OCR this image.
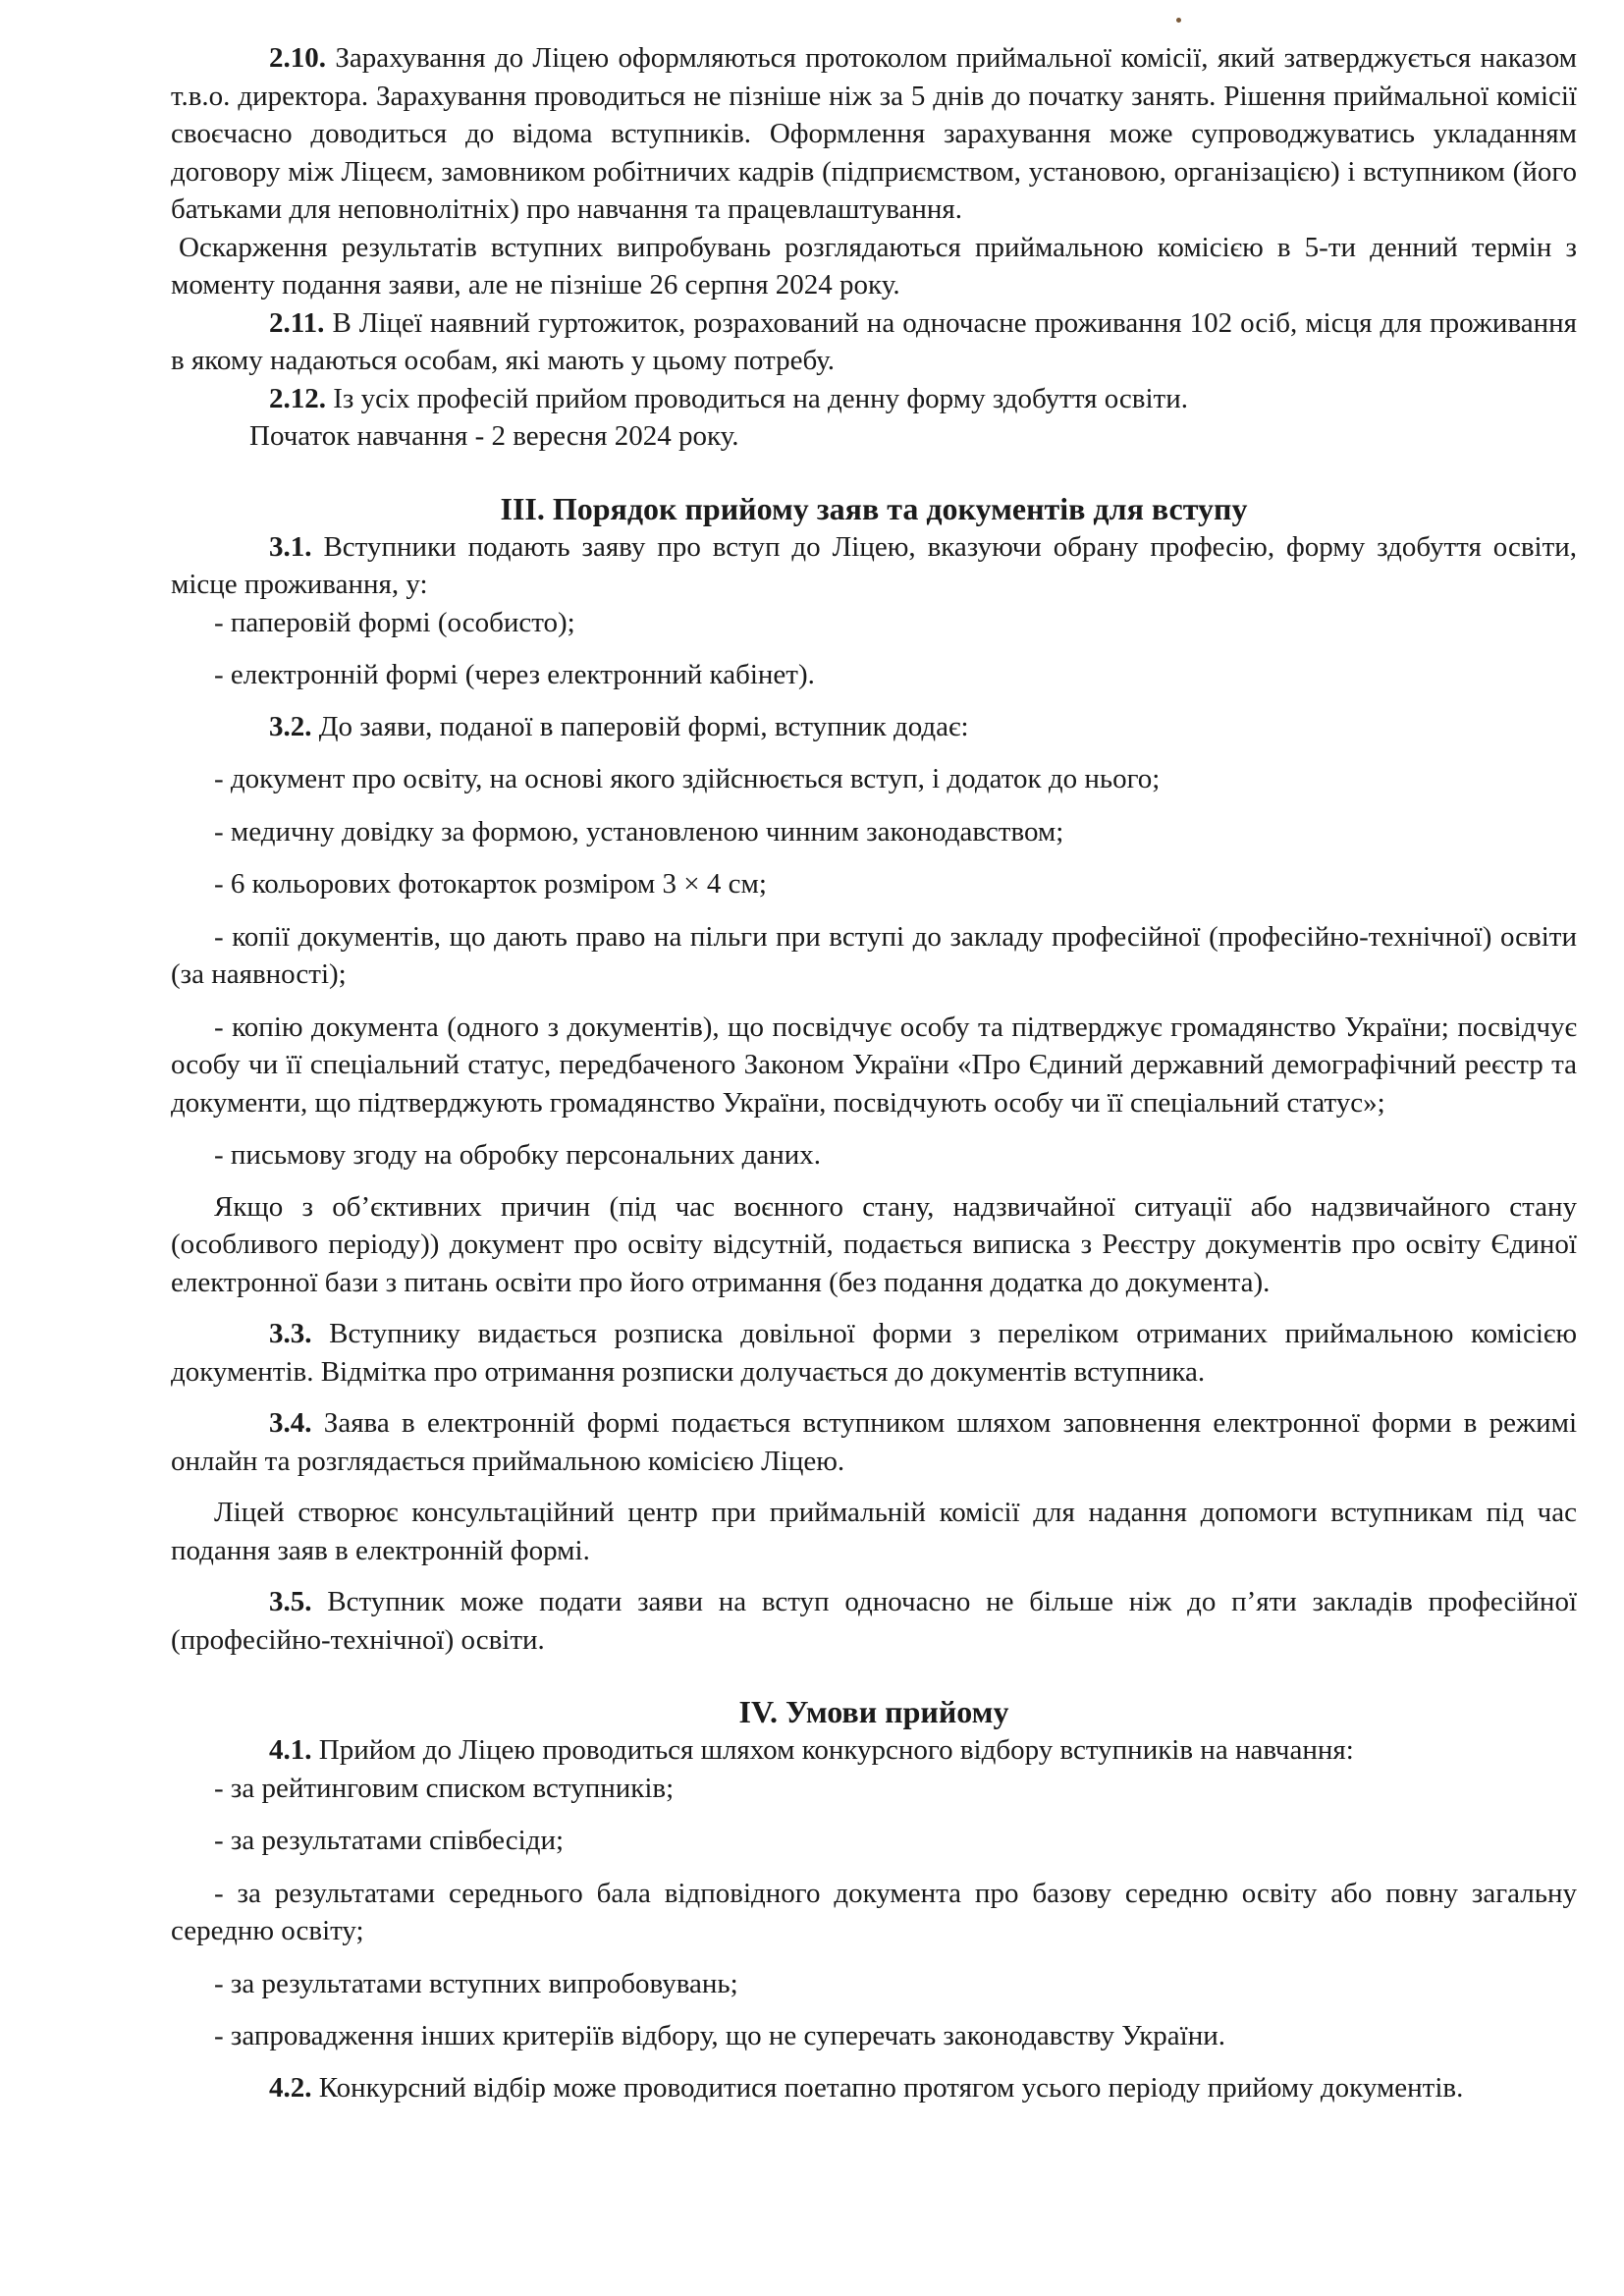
2.10. Зарахування до Ліцею оформляються протоколом приймальної комісії, який затверджується наказом т.в.о. директора. Зарахування проводиться не пізніше ніж за 5 днів до початку занять. Рішення приймальної комісії своєчасно доводиться до відома вступників. Оформлення зарахування може супроводжуватись укладанням договору між Ліцеєм, замовником робітничих кадрів (підприємством, установою, організацією) і вступником (його батьками для неповнолітніх) про навчання та працевлаштування.

Оскарження результатів вступних випробувань розглядаються приймальною комісією в 5-ти денний термін з моменту подання заяви, але не пізніше 26 серпня 2024 року.

2.11. В Ліцеї наявний гуртожиток, розрахований на одночасне проживання 102 осіб, місця для проживання в якому надаються особам, які мають у цьому потребу.

2.12. Із усіх професій прийом проводиться на денну форму здобуття освіти.

Початок навчання - 2 вересня 2024 року.

ІІІ. Порядок прийому заяв та документів для вступу

3.1. Вступники подають заяву про вступ до Ліцею, вказуючи обрану професію, форму здобуття освіти, місце проживання, у:

- паперовій формі (особисто);

- електронній формі (через електронний кабінет).

3.2. До заяви, поданої в паперовій формі, вступник додає:

- документ про освіту, на основі якого здійснюється вступ, і додаток до нього;

- медичну довідку за формою, установленою чинним законодавством;

- 6 кольорових фотокарток розміром 3 × 4 см;

- копії документів, що дають право на пільги при вступі до закладу професійної (професійно-технічної) освіти (за наявності);

- копію документа (одного з документів), що посвідчує особу та підтверджує громадянство України; посвідчує особу чи її спеціальний статус, передбаченого Законом України «Про Єдиний державний демографічний реєстр та документи, що підтверджують громадянство України, посвідчують особу чи її спеціальний статус»;

- письмову згоду на обробку персональних даних.

Якщо з об’єктивних причин (під час воєнного стану, надзвичайної ситуації або надзвичайного стану (особливого періоду)) документ про освіту відсутній, подається виписка з Реєстру документів про освіту Єдиної електронної бази з питань освіти про його отримання (без подання додатка до документа).

3.3. Вступнику видається розписка довільної форми з переліком отриманих приймальною комісією документів. Відмітка про отримання розписки долучається до документів вступника.

3.4. Заява в електронній формі подається вступником шляхом заповнення електронної форми в режимі онлайн та розглядається приймальною комісією Ліцею.

Ліцей створює консультаційний центр при приймальній комісії для надання допомоги вступникам під час подання заяв в електронній формі.

3.5. Вступник може подати заяви на вступ одночасно не більше ніж до п’яти закладів професійної (професійно-технічної) освіти.

ІV. Умови прийому

4.1. Прийом до Ліцею проводиться шляхом конкурсного відбору вступників на навчання:

- за рейтинговим списком вступників;

- за результатами співбесіди;

- за результатами середнього бала відповідного документа про базову середню освіту або повну загальну середню освіту;

- за результатами вступних випробовувань;

- запровадження інших критеріїв відбору, що не суперечать законодавству України.

4.2. Конкурсний відбір може проводитися поетапно протягом усього періоду прийому документів.
